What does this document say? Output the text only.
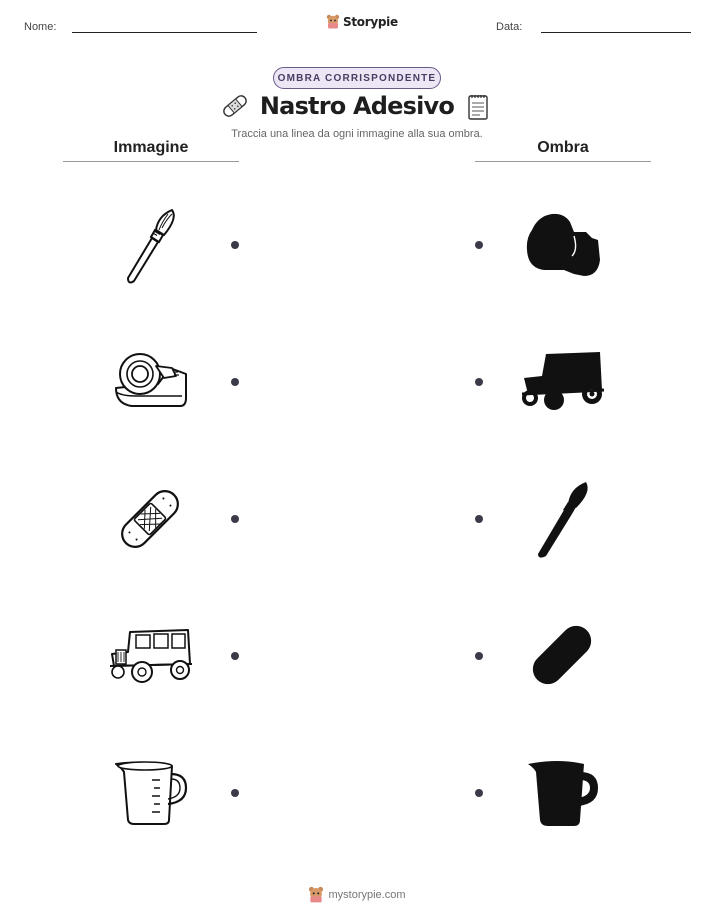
Nome:	Storypie	Data:
OMBRA CORRISPONDENTE
Nastro Adesivo
Traccia una linea da ogni immagine alla sua ombra.
Immagine	Ombra
mystorypie.com
